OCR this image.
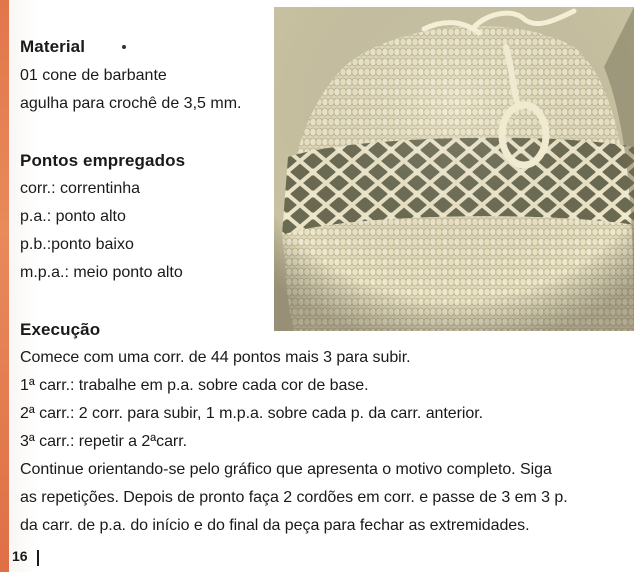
Material

01 cone de barbante

agulha para crochê de 3,5 mm.

Pontos empregados

corr.: correntinha

p.a.: ponto alto

p.b.:ponto baixo

m.p.a.: meio ponto alto

Execução

Comece com uma corr. de 44 pontos mais 3 para subir.

1ª carr.: trabalhe em p.a. sobre cada cor de base.

2ª carr.: 2 corr. para subir, 1 m.p.a. sobre cada p. da carr. anterior.

3ª carr.: repetir a 2ªcarr.

Continue orientando-se pelo gráfico que apresenta o motivo completo. Siga

as repetições. Depois de pronto faça 2 cordões em corr. e passe de 3 em 3 p.

da carr. de p.a. do início e do final da peça para fechar as extremidades.

16
